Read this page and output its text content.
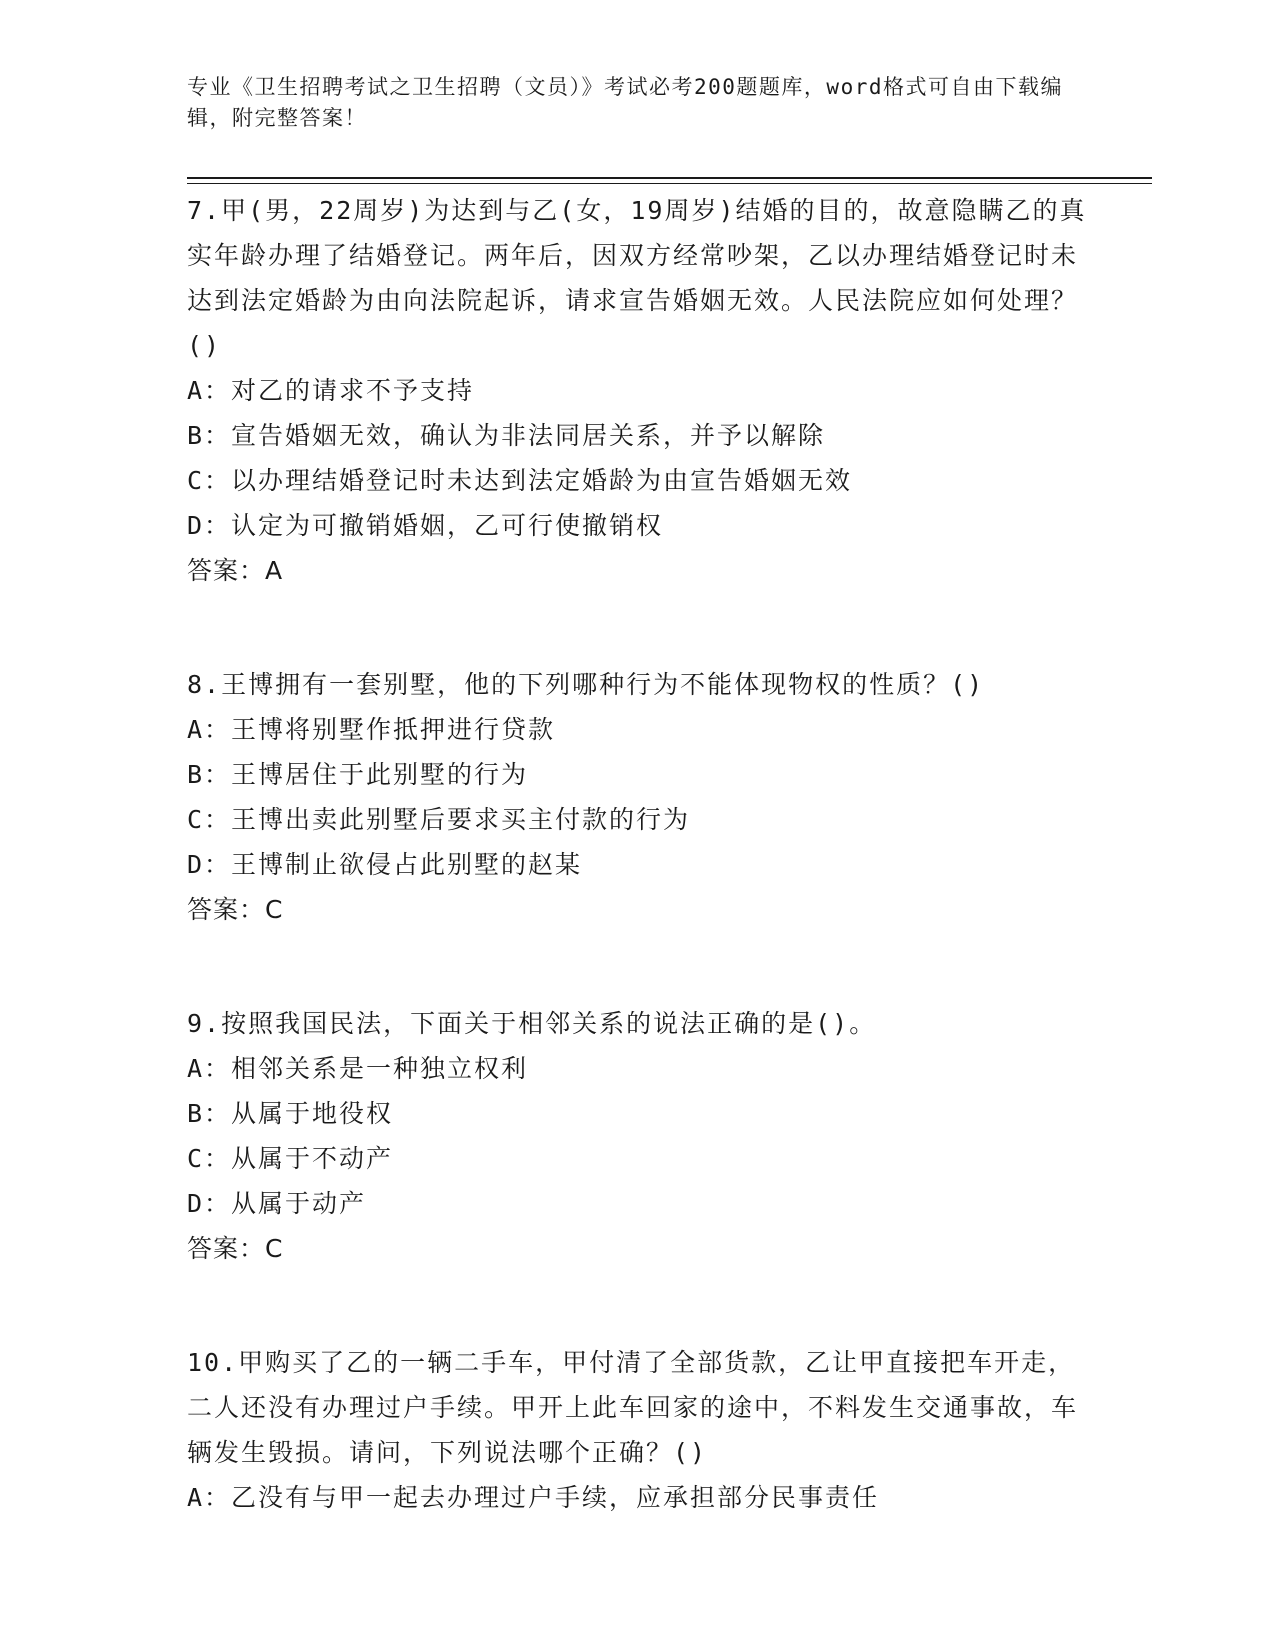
专业《卫生招聘考试之卫生招聘（文员）》考试必考200题题库，word格式可自由下载编辑，附完整答案！
7.甲(男，22周岁)为达到与乙(女，19周岁)结婚的目的，故意隐瞒乙的真实年龄办理了结婚登记。两年后，因双方经常吵架，乙以办理结婚登记时未达到法定婚龄为由向法院起诉，请求宣告婚姻无效。人民法院应如何处理？()
A：对乙的请求不予支持
B：宣告婚姻无效，确认为非法同居关系，并予以解除
C：以办理结婚登记时未达到法定婚龄为由宣告婚姻无效
D：认定为可撤销婚姻，乙可行使撤销权
答案：A
8.王博拥有一套别墅，他的下列哪种行为不能体现物权的性质？()
A：王博将别墅作抵押进行贷款
B：王博居住于此别墅的行为
C：王博出卖此别墅后要求买主付款的行为
D：王博制止欲侵占此别墅的赵某
答案：C
9.按照我国民法，下面关于相邻关系的说法正确的是()。
A：相邻关系是一种独立权利
B：从属于地役权
C：从属于不动产
D：从属于动产
答案：C
10.甲购买了乙的一辆二手车，甲付清了全部货款，乙让甲直接把车开走，二人还没有办理过户手续。甲开上此车回家的途中，不料发生交通事故，车辆发生毁损。请问，下列说法哪个正确？()
A：乙没有与甲一起去办理过户手续，应承担部分民事责任
